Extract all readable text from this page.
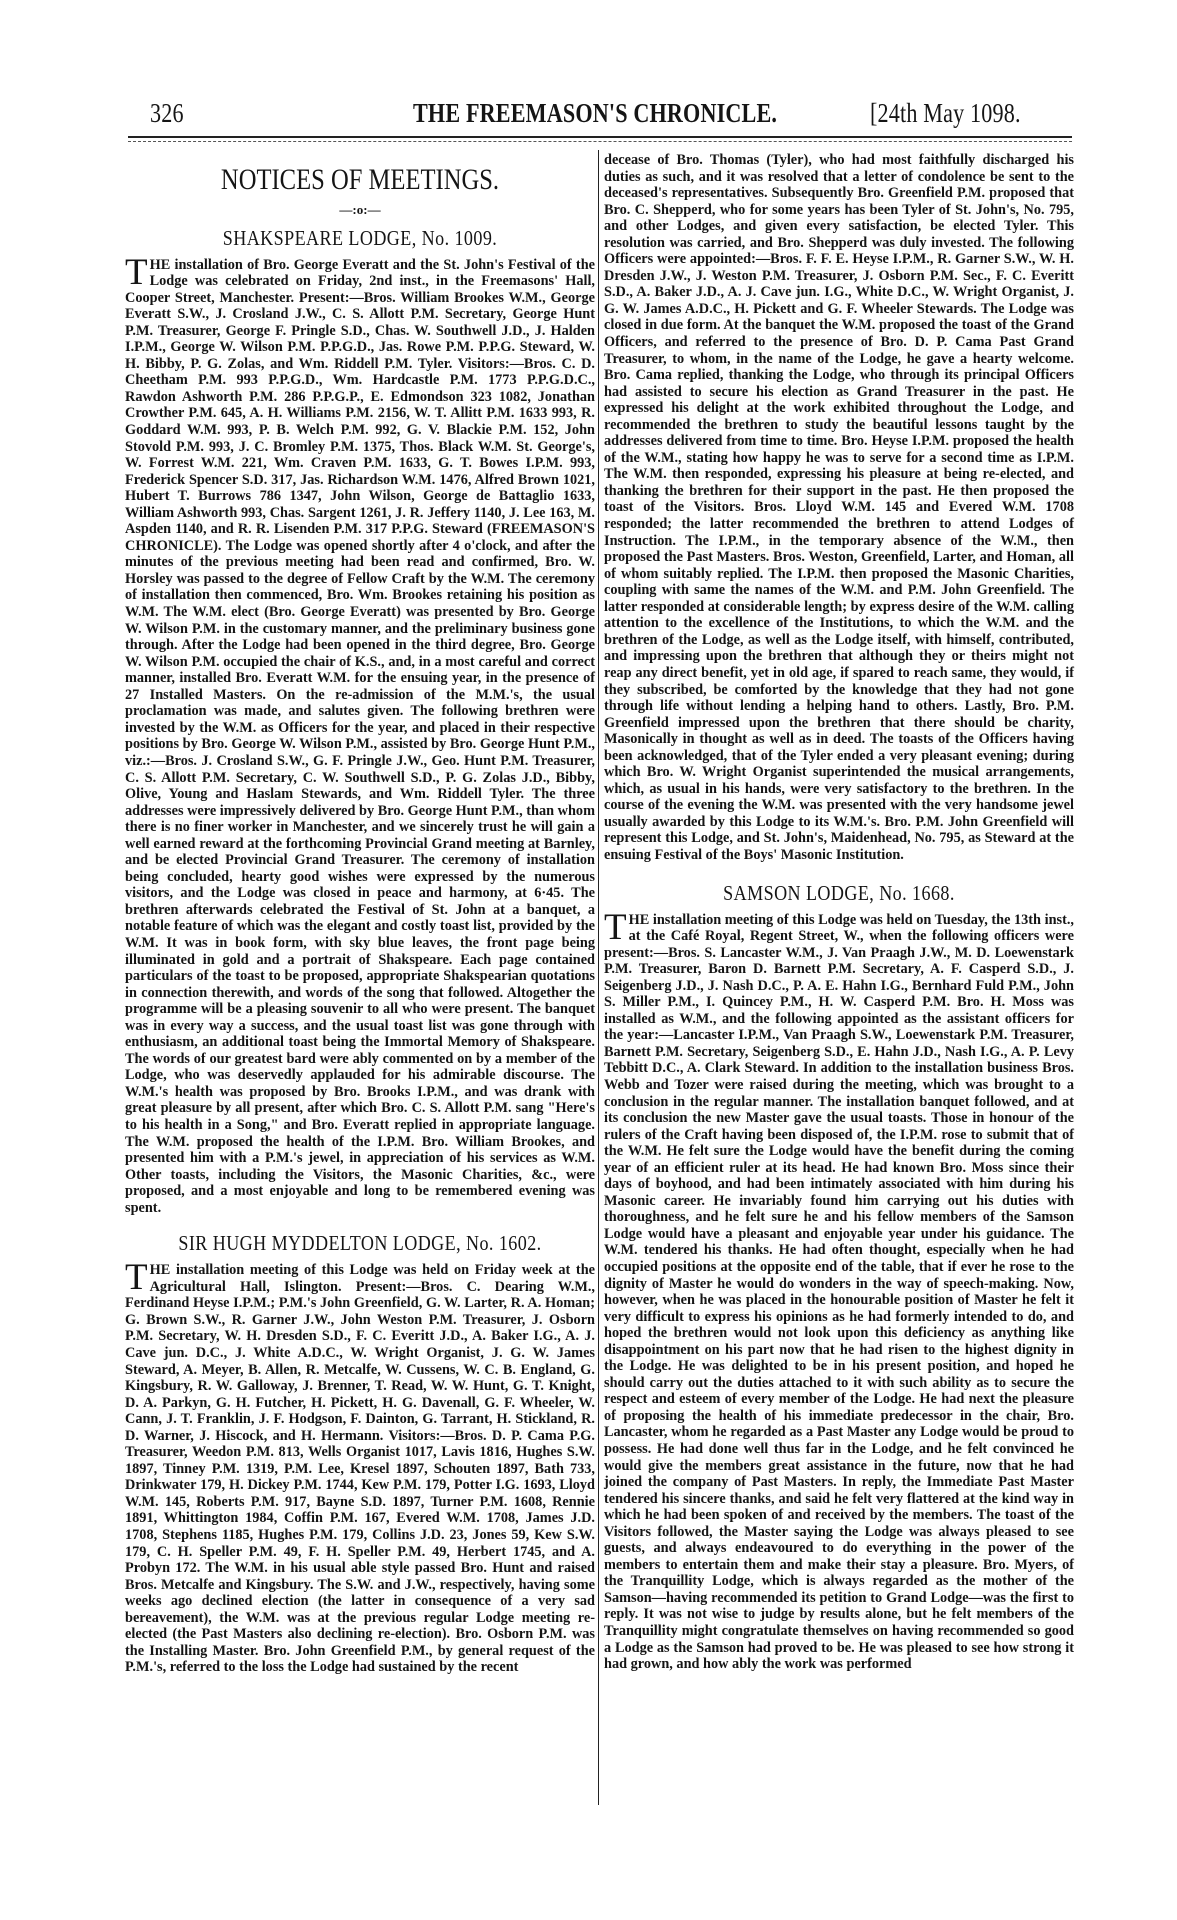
326	THE FREEMASON'S CHRONICLE.	[24th May 1098.
NOTICES OF MEETINGS.
—:o:—
SHAKSPEARE LODGE, No. 1009.

THE installation of Bro. George Everatt and the St. John's Festival of the Lodge was celebrated on Friday, 2nd inst., in the Freemasons' Hall, Cooper Street, Manchester. Present:—Bros. William Brookes W.M., George Everatt S.W., J. Crosland J.W., C. S. Allott P.M. Secretary, George Hunt P.M. Treasurer, George F. Pringle S.D., Chas. W. Southwell J.D., J. Halden I.P.M., George W. Wilson P.M. P.P.G.D., Jas. Rowe P.M. P.P.G. Steward, W. H. Bibby, P. G. Zolas, and Wm. Riddell P.M. Tyler. Visitors:—Bros. C. D. Cheetham P.M. 993 P.P.G.D., Wm. Hardcastle P.M. 1773 P.P.G.D.C., Rawdon Ashworth P.M. 286 P.P.G.P., E. Edmondson 323 1082, Jonathan Crowther P.M. 645, A. H. Williams P.M. 2156, W. T. Allitt P.M. 1633 993, R. Goddard W.M. 993, P. B. Welch P.M. 992, G. V. Blackie P.M. 152, John Stovold P.M. 993, J. C. Bromley P.M. 1375, Thos. Black W.M. St. George's, W. Forrest W.M. 221, Wm. Craven P.M. 1633, G. T. Bowes I.P.M. 993, Frederick Spencer S.D. 317, Jas. Richardson W.M. 1476, Alfred Brown 1021, Hubert T. Burrows 786 1347, John Wilson, George de Battaglio 1633, William Ashworth 993, Chas. Sargent 1261, J. R. Jeffery 1140, J. Lee 163, M. Aspden 1140, and R. R. Lisenden P.M. 317 P.P.G. Steward (FREEMASON'S CHRONICLE). The Lodge was opened shortly after 4 o'clock, and after the minutes of the previous meeting had been read and confirmed, Bro. W. Horsley was passed to the degree of Fellow Craft by the W.M. The ceremony of installation then commenced, Bro. Wm. Brookes retaining his position as W.M. The W.M. elect (Bro. George Everatt) was presented by Bro. George W. Wilson P.M. in the customary manner, and the preliminary business gone through. After the Lodge had been opened in the third degree, Bro. George W. Wilson P.M. occupied the chair of K.S., and, in a most careful and correct manner, installed Bro. Everatt W.M. for the ensuing year, in the presence of 27 Installed Masters. On the re-admission of the M.M.'s, the usual proclamation was made, and salutes given. The following brethren were invested by the W.M. as Officers for the year, and placed in their respective positions by Bro. George W. Wilson P.M., assisted by Bro. George Hunt P.M., viz.:—Bros. J. Crosland S.W., G. F. Pringle J.W., Geo. Hunt P.M. Treasurer, C. S. Allott P.M. Secretary, C. W. Southwell S.D., P. G. Zolas J.D., Bibby, Olive, Young and Haslam Stewards, and Wm. Riddell Tyler. The three addresses were impressively delivered by Bro. George Hunt P.M., than whom there is no finer worker in Manchester, and we sincerely trust he will gain a well earned reward at the forthcoming Provincial Grand meeting at Barnley, and be elected Provincial Grand Treasurer. The ceremony of installation being concluded, hearty good wishes were expressed by the numerous visitors, and the Lodge was closed in peace and harmony, at 6·45. The brethren afterwards celebrated the Festival of St. John at a banquet, a notable feature of which was the elegant and costly toast list, provided by the W.M. It was in book form, with sky blue leaves, the front page being illuminated in gold and a portrait of Shakspeare. Each page contained particulars of the toast to be proposed, appropriate Shakspearian quotations in connection therewith, and words of the song that followed. Altogether the programme will be a pleasing souvenir to all who were present. The banquet was in every way a success, and the usual toast list was gone through with enthusiasm, an additional toast being the Immortal Memory of Shakspeare. The words of our greatest bard were ably commented on by a member of the Lodge, who was deservedly applauded for his admirable discourse. The W.M.'s health was proposed by Bro. Brooks I.P.M., and was drank with great pleasure by all present, after which Bro. C. S. Allott P.M. sang "Here's to his health in a Song," and Bro. Everatt replied in appropriate language. The W.M. proposed the health of the I.P.M. Bro. William Brookes, and presented him with a P.M.'s jewel, in appreciation of his services as W.M. Other toasts, including the Visitors, the Masonic Charities, &c., were proposed, and a most enjoyable and long to be remembered evening was spent.

SIR HUGH MYDDELTON LODGE, No. 1602.

THE installation meeting of this Lodge was held on Friday week at the Agricultural Hall, Islington. Present:—Bros. C. Dearing W.M., Ferdinand Heyse I.P.M.; P.M.'s John Greenfield, G. W. Larter, R. A. Homan; G. Brown S.W., R. Garner J.W., John Weston P.M. Treasurer, J. Osborn P.M. Secretary, W. H. Dresden S.D., F. C. Everitt J.D., A. Baker I.G., A. J. Cave jun. D.C., J. White A.D.C., W. Wright Organist, J. G. W. James Steward, A. Meyer, B. Allen, R. Metcalfe, W. Cussens, W. C. B. England, G. Kingsbury, R. W. Galloway, J. Brenner, T. Read, W. W. Hunt, G. T. Knight, D. A. Parkyn, G. H. Futcher, H. Pickett, H. G. Davenall, G. F. Wheeler, W. Cann, J. T. Franklin, J. F. Hodgson, F. Dainton, G. Tarrant, H. Stickland, R. D. Warner, J. Hiscock, and H. Hermann. Visitors:—Bros. D. P. Cama P.G. Treasurer, Weedon P.M. 813, Wells Organist 1017, Lavis 1816, Hughes S.W. 1897, Tinney P.M. 1319, P.M. Lee, Kresel 1897, Schouten 1897, Bath 733, Drinkwater 179, H. Dickey P.M. 1744, Kew P.M. 179, Potter I.G. 1693, Lloyd W.M. 145, Roberts P.M. 917, Bayne S.D. 1897, Turner P.M. 1608, Rennie 1891, Whittington 1984, Coffin P.M. 167, Evered W.M. 1708, James J.D. 1708, Stephens 1185, Hughes P.M. 179, Collins J.D. 23, Jones 59, Kew S.W. 179, C. H. Speller P.M. 49, F. H. Speller P.M. 49, Herbert 1745, and A. Probyn 172. The W.M. in his usual able style passed Bro. Hunt and raised Bros. Metcalfe and Kingsbury. The S.W. and J.W., respectively, having some weeks ago declined election (the latter in consequence of a very sad bereavement), the W.M. was at the previous regular Lodge meeting re-elected (the Past Masters also declining re-election). Bro. Osborn P.M. was the Installing Master. Bro. John Greenfield P.M., by general request of the P.M.'s, referred to the loss the Lodge had sustained by the recent

decease of Bro. Thomas (Tyler), who had most faithfully discharged his duties as such, and it was resolved that a letter of condolence be sent to the deceased's representatives. Subsequently Bro. Greenfield P.M. proposed that Bro. C. Shepperd, who for some years has been Tyler of St. John's, No. 795, and other Lodges, and given every satisfaction, be elected Tyler. This resolution was carried, and Bro. Shepperd was duly invested. The following Officers were appointed:—Bros. F. F. E. Heyse I.P.M., R. Garner S.W., W. H. Dresden J.W., J. Weston P.M. Treasurer, J. Osborn P.M. Sec., F. C. Everitt S.D., A. Baker J.D., A. J. Cave jun. I.G., White D.C., W. Wright Organist, J. G. W. James A.D.C., H. Pickett and G. F. Wheeler Stewards. The Lodge was closed in due form. At the banquet the W.M. proposed the toast of the Grand Officers, and referred to the presence of Bro. D. P. Cama Past Grand Treasurer, to whom, in the name of the Lodge, he gave a hearty welcome. Bro. Cama replied, thanking the Lodge, who through its principal Officers had assisted to secure his election as Grand Treasurer in the past. He expressed his delight at the work exhibited throughout the Lodge, and recommended the brethren to study the beautiful lessons taught by the addresses delivered from time to time. Bro. Heyse I.P.M. proposed the health of the W.M., stating how happy he was to serve for a second time as I.P.M. The W.M. then responded, expressing his pleasure at being re-elected, and thanking the brethren for their support in the past. He then proposed the toast of the Visitors. Bros. Lloyd W.M. 145 and Evered W.M. 1708 responded; the latter recommended the brethren to attend Lodges of Instruction. The I.P.M., in the temporary absence of the W.M., then proposed the Past Masters. Bros. Weston, Greenfield, Larter, and Homan, all of whom suitably replied. The I.P.M. then proposed the Masonic Charities, coupling with same the names of the W.M. and P.M. John Greenfield. The latter responded at considerable length; by express desire of the W.M. calling attention to the excellence of the Institutions, to which the W.M. and the brethren of the Lodge, as well as the Lodge itself, with himself, contributed, and impressing upon the brethren that although they or theirs might not reap any direct benefit, yet in old age, if spared to reach same, they would, if they subscribed, be comforted by the knowledge that they had not gone through life without lending a helping hand to others. Lastly, Bro. P.M. Greenfield impressed upon the brethren that there should be charity, Masonically in thought as well as in deed. The toasts of the Officers having been acknowledged, that of the Tyler ended a very pleasant evening; during which Bro. W. Wright Organist superintended the musical arrangements, which, as usual in his hands, were very satisfactory to the brethren. In the course of the evening the W.M. was presented with the very handsome jewel usually awarded by this Lodge to its W.M.'s. Bro. P.M. John Greenfield will represent this Lodge, and St. John's, Maidenhead, No. 795, as Steward at the ensuing Festival of the Boys' Masonic Institution.

SAMSON LODGE, No. 1668.

THE installation meeting of this Lodge was held on Tuesday, the 13th inst., at the Café Royal, Regent Street, W., when the following officers were present:—Bros. S. Lancaster W.M., J. Van Praagh J.W., M. D. Loewenstark P.M. Treasurer, Baron D. Barnett P.M. Secretary, A. F. Casperd S.D., J. Seigenberg J.D., J. Nash D.C., P. A. E. Hahn I.G., Bernhard Fuld P.M., John S. Miller P.M., I. Quincey P.M., H. W. Casperd P.M. Bro. H. Moss was installed as W.M., and the following appointed as the assistant officers for the year:—Lancaster I.P.M., Van Praagh S.W., Loewenstark P.M. Treasurer, Barnett P.M. Secretary, Seigenberg S.D., E. Hahn J.D., Nash I.G., A. P. Levy Tebbitt D.C., A. Clark Steward. In addition to the installation business Bros. Webb and Tozer were raised during the meeting, which was brought to a conclusion in the regular manner. The installation banquet followed, and at its conclusion the new Master gave the usual toasts. Those in honour of the rulers of the Craft having been disposed of, the I.P.M. rose to submit that of the W.M. He felt sure the Lodge would have the benefit during the coming year of an efficient ruler at its head. He had known Bro. Moss since their days of boyhood, and had been intimately associated with him during his Masonic career. He invariably found him carrying out his duties with thoroughness, and he felt sure he and his fellow members of the Samson Lodge would have a pleasant and enjoyable year under his guidance. The W.M. tendered his thanks. He had often thought, especially when he had occupied positions at the opposite end of the table, that if ever he rose to the dignity of Master he would do wonders in the way of speech-making. Now, however, when he was placed in the honourable position of Master he felt it very difficult to express his opinions as he had formerly intended to do, and hoped the brethren would not look upon this deficiency as anything like disappointment on his part now that he had risen to the highest dignity in the Lodge. He was delighted to be in his present position, and hoped he should carry out the duties attached to it with such ability as to secure the respect and esteem of every member of the Lodge. He had next the pleasure of proposing the health of his immediate predecessor in the chair, Bro. Lancaster, whom he regarded as a Past Master any Lodge would be proud to possess. He had done well thus far in the Lodge, and he felt convinced he would give the members great assistance in the future, now that he had joined the company of Past Masters. In reply, the Immediate Past Master tendered his sincere thanks, and said he felt very flattered at the kind way in which he had been spoken of and received by the members. The toast of the Visitors followed, the Master saying the Lodge was always pleased to see guests, and always endeavoured to do everything in the power of the members to entertain them and make their stay a pleasure. Bro. Myers, of the Tranquillity Lodge, which is always regarded as the mother of the Samson—having recommended its petition to Grand Lodge—was the first to reply. It was not wise to judge by results alone, but he felt members of the Tranquillity might congratulate themselves on having recommended so good a Lodge as the Samson had proved to be. He was pleased to see how strong it had grown, and how ably the work was performed
